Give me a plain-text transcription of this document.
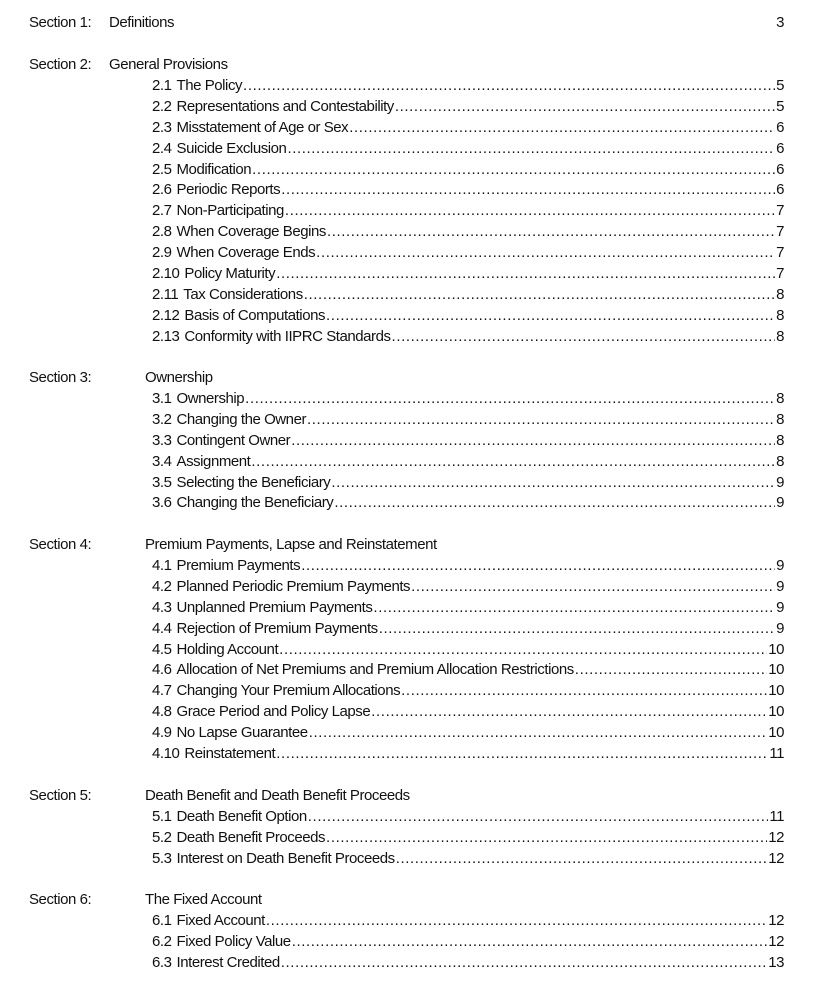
Section 1: Definitions	3
Section 2: General Provisions
2.1 The Policy .....	5
2.2 Representations and Contestability .....	5
2.3 Misstatement of Age or Sex .....	6
2.4 Suicide Exclusion .....	6
2.5 Modification .....	6
2.6 Periodic Reports .....	6
2.7 Non-Participating .....	7
2.8 When Coverage Begins .....	7
2.9 When Coverage Ends .....	7
2.10 Policy Maturity .....	7
2.11 Tax Considerations .....	8
2.12 Basis of Computations .....	8
2.13 Conformity with IIPRC Standards .....	8
Section 3:	Ownership
3.1 Ownership .....	8
3.2 Changing the Owner .....	8
3.3 Contingent Owner .....	8
3.4 Assignment .....	8
3.5 Selecting the Beneficiary .....	9
3.6 Changing the Beneficiary .....	9
Section 4:	Premium Payments, Lapse and Reinstatement
4.1 Premium Payments .....	9
4.2 Planned Periodic Premium Payments .....	9
4.3 Unplanned Premium Payments .....	9
4.4 Rejection of Premium Payments .....	9
4.5 Holding Account .....	10
4.6 Allocation of Net Premiums and Premium Allocation Restrictions .....	10
4.7 Changing Your Premium Allocations .....	10
4.8 Grace Period and Policy Lapse .....	10
4.9 No Lapse Guarantee .....	10
4.10 Reinstatement .....	11
Section 5:	Death Benefit and Death Benefit Proceeds
5.1 Death Benefit Option .....	11
5.2 Death Benefit Proceeds .....	12
5.3 Interest on Death Benefit Proceeds .....	12
Section 6:	The Fixed Account
6.1 Fixed Account .....	12
6.2 Fixed Policy Value .....	12
6.3 Interest Credited .....	13
